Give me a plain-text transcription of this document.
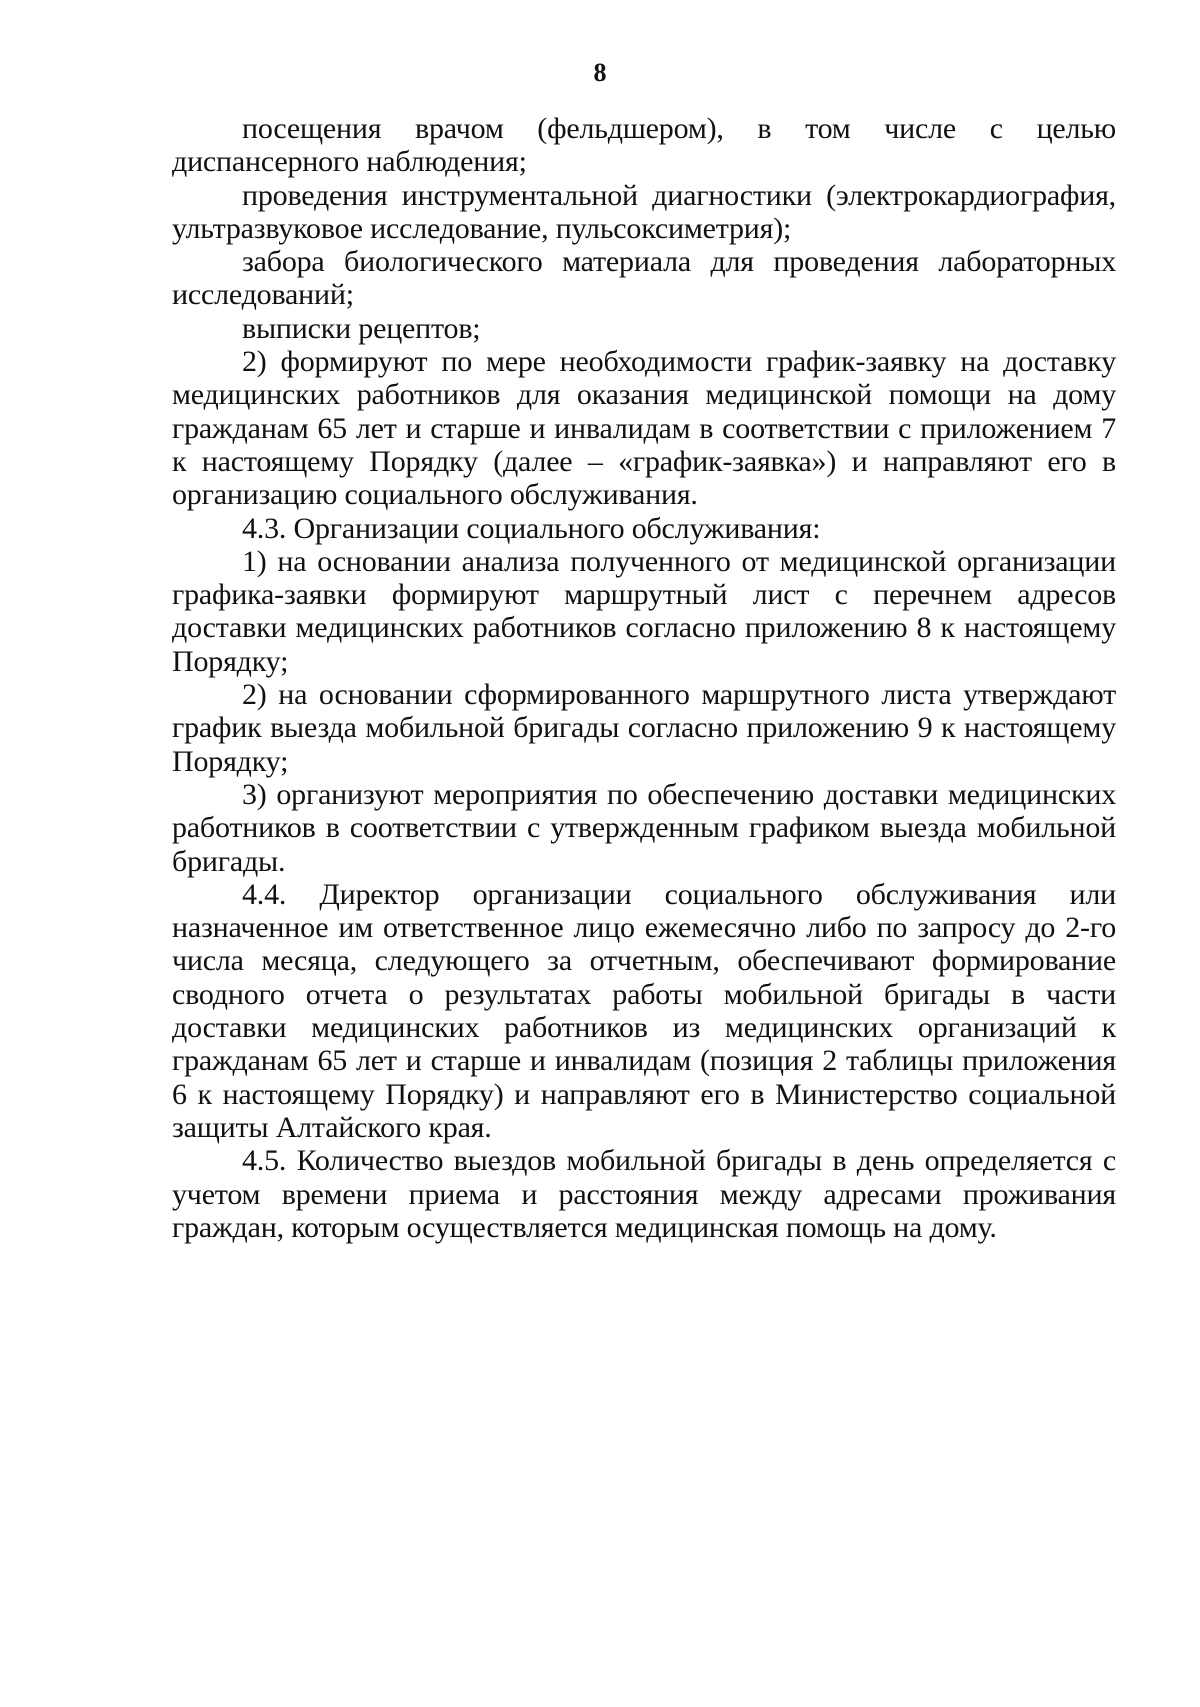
8

посещения врачом (фельдшером), в том числе с целью диспансерного наблюдения;

проведения инструментальной диагностики (электрокардиография, ультразвуковое исследование, пульсоксиметрия);

забора биологического материала для проведения лабораторных исследований;

выписки рецептов;

2) формируют по мере необходимости график-заявку на доставку медицинских работников для оказания медицинской помощи на дому гражданам 65 лет и старше и инвалидам в соответствии с приложением 7 к настоящему Порядку (далее – «график-заявка») и направляют его в организацию социального обслуживания.

4.3. Организации социального обслуживания:

1) на основании анализа полученного от медицинской организации графика-заявки формируют маршрутный лист с перечнем адресов доставки медицинских работников согласно приложению 8 к настоящему Порядку;

2) на основании сформированного маршрутного листа утверждают график выезда мобильной бригады согласно приложению 9 к настоящему Порядку;

3) организуют мероприятия по обеспечению доставки медицинских работников в соответствии с утвержденным графиком выезда мобильной бригады.

4.4. Директор организации социального обслуживания или назначенное им ответственное лицо ежемесячно либо по запросу до 2-го числа месяца, следующего за отчетным, обеспечивают формирование сводного отчета о результатах работы мобильной бригады в части доставки медицинских работников из медицинских организаций к гражданам 65 лет и старше и инвалидам (позиция 2 таблицы приложения 6 к настоящему Порядку) и направляют его в Министерство социальной защиты Алтайского края.

4.5. Количество выездов мобильной бригады в день определяется с учетом времени приема и расстояния между адресами проживания граждан, которым осуществляется медицинская помощь на дому.
